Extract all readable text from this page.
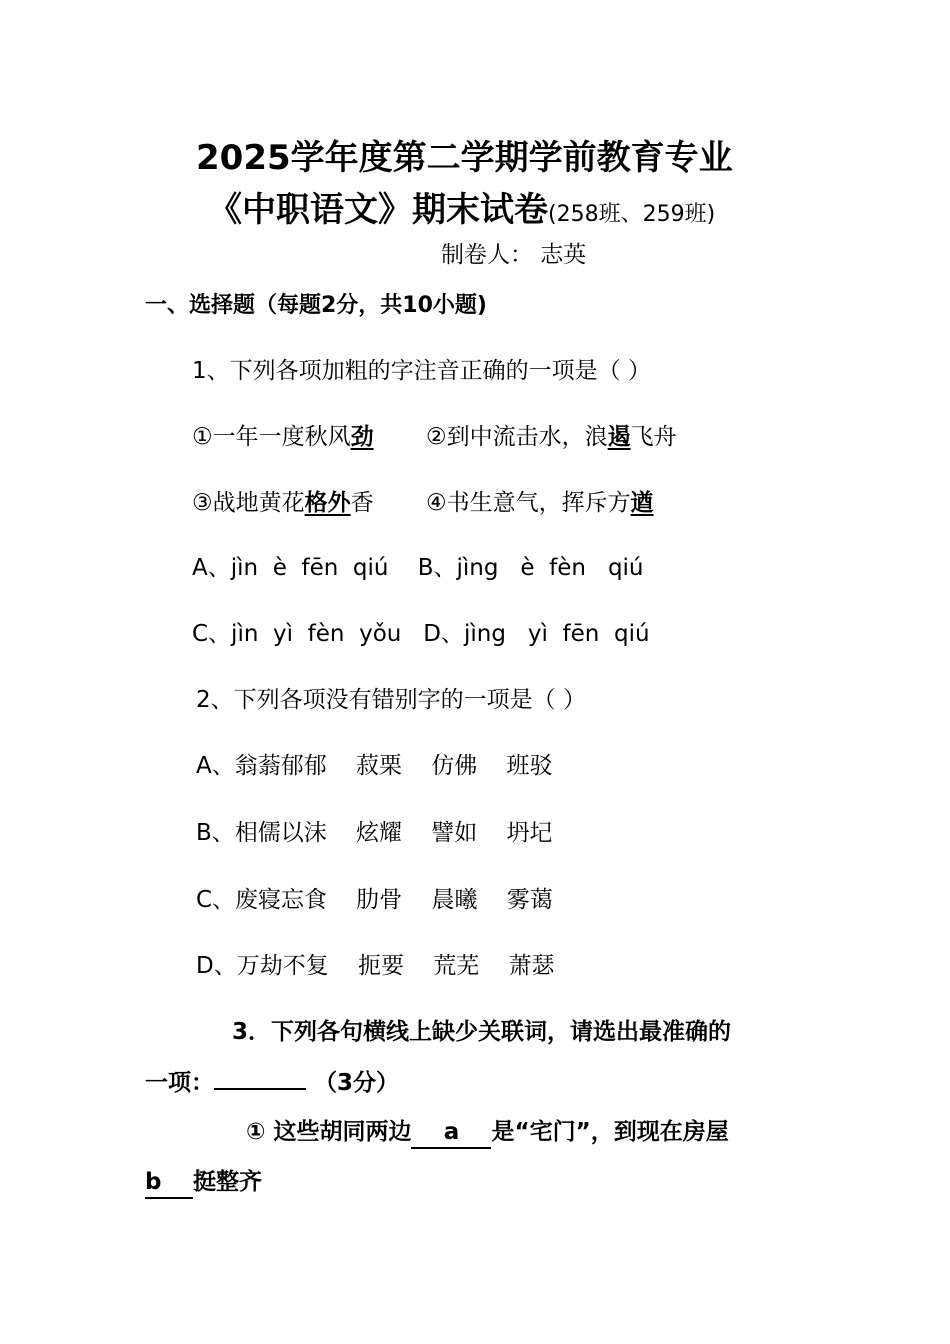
2025学年度第二学期学前教育专业
《中职语文》期末试卷(258班、259班)
制卷人： 志英
一、选择题（每题2分，共10小题)
1、下列各项加粗的字注音正确的一项是（ ）
①一年一度秋风劲 ②到中流击水，浪遏飞舟
③战地黄花格外香 ④书生意气，挥斥方遒
A、jìn  è  fēn  qiú    B、jìng   è  fèn   qiú
C、jìn  yì  fèn  yǒu   D、jìng   yì  fēn  qiú
2、下列各项没有错别字的一项是（ ）
A、翁蓊郁郁    菽栗    仿佛    班驳
B、相儒以沫    炫耀    譬如    坍圮
C、废寝忘食    肋骨    晨曦    雾蔼
D、万劫不复    扼要    荒芜    萧瑟
3．下列各句横线上缺少关联词，请选出最准确的
一项：	（3分）
① 这些胡同两边 a 是“宅门”，到现在房屋
b 挺整齐
